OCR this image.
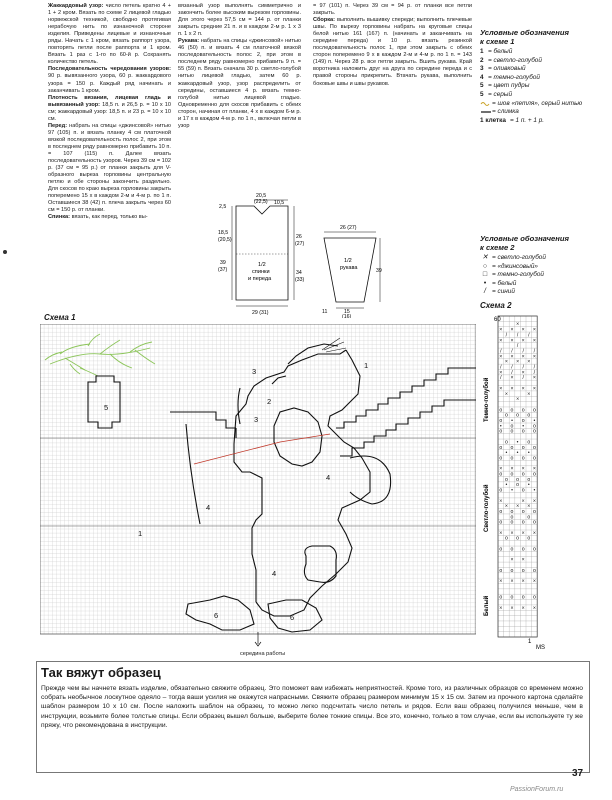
Жаккардовый узор: число петель кратно 4 + 1 + 2 кром. Вязать по схеме 2 лицевой гладью норвежской техникой, свободно протягивая нерабочую нить по изнаночной стороне изделия. Приведены лицевые и изнаночные ряды. Начать с 1 кром, вязать раппорт узора, повторять петли после раппорта и 1 кром. Вязать 1 раз с 1-го по 60-й р. Сохранять количество петель.

Последовательность чередования узоров: 90 р. вывязанного узора, 60 р. жаккардового узора = 150 р. Каждый ряд начинать и заканчивать 1 кром.

Плотность вязания, лицевая гладь и вывязанный узор: 18,5 п. и 26,5 р. = 10 х 10 см; жаккардовый узор: 18,5 п. и 23 р. = 10 х 10 см.

Перед: набрать на спицы «джинсовой» нитью 97 (105) п. и вязать планку 4 см платочной вязкой последовательность полос 2, при этом в последнем ряду равномерно прибавить 10 п. = 107 (115) п. Далее вязать последовательность узоров. Через 39 см = 102 р. (37 см = 95 р.) от планки закрыть для V-образного выреза горловины центральную петлю и обе стороны закончить раздельно. Для скосов по краю выреза горловины закрыть поперемено 15 х в каждом 2-м и 4-м р. по 1 п. Оставшиеся 38 (42) п. плеча закрыть через 60 см = 150 р. от планки.

Спинка: вязать, как перед, только вы-

вязанный узор выполнять симметрично и закончить более высоким вырезом горловины. Для этого через 57,5 см = 144 р. от планки закрыть средние 21 п. и в каждом 2-м р. 1 х 3 п. 1 х 2 п.

Рукава: набрать на спицы «джинсовой» нитью 46 (50) п. и вязать 4 см платочной вязкой последовательность полос 2, при этом в последнем ряду равномерно прибавить 9 п. = 55 (59) п. Вязать сначала 30 р. светло-голубой нитью лицевой гладью, затем 60 р. жаккардовый узор, узор распределить от середины, оставшиеся 4 р. вязать темно-голубой нитью лицевой гладью. Одновременно для скосов прибавить с обеих сторон, начиная от планки, 4 х в каждом 6-м р. и 17 х в каждом 4-м р. по 1 п., включая петли в узор

= 97 (101) п. Через 39 см = 94 р. от планки все петли закрыть.

Сборка: выполнить вышивку спереди; выполнить плечевые швы. По вырезу горловины набрать на круговые спицы белой нитью 161 (167) п. (начинать и заканчивать на середине переда) и 10 р. вязать резинкой последовательность полос 1, при этом закрыть с обеих сторон поперемено 9 х в каждом 2-м и 4-м р. по 1 п. = 143 (149) п. Через 28 р. все петли закрыть. Вшить рукава. Край воротника наложить друг на друга по середине переда и с правой стороны прикрепить. Втачать рукава, выполнить боковые швы и швы рукавов.

Условные обозначения
к схеме 1
1 = белый
2 = светло-голубой
3 = оливковый
4 = темно-голубой
5 = цвет пудры
5 = серый
= шов «петля», серый нитью
= слимка
1 клетка = 1 п. + 1 р.
Условные обозначения
к схеме 2
✕ = светло-голубой
○ = «джинсовый»
□ = темно-голубой
• = белый
/ = синий
20,5
(22,5) 10,5
2,5
18,5
(20,5)
39
(37)
26
(27)
34
(33)
1/2
спинки
и переда
29 (31)
26 (27)
39
1/2
рукава
11	15
(16)
Схема 1
1
2
3
3
4
4
5
6	6
1
4
середина работы
Схема 2
×
× × × ×
/ / /
× × × ×
/
/ / / /
× × × ×
× × ×
/ / / /
× / × /
/ × / ×
× × × ×
×	×
×
o o o o
o o o
o • o •
• o • o
o o o o
o • o
o o o o
• • •
o o o o
× × × ×
o o o o
o o o
• o •
o • o •
×	× ×
× × ×
o o o o
o	o
o o o o
× × × ×
o o o
o o o o
× ×
o o o o
× × × ×
o o o o
× × × ×
60
1
MS
Темно-голубой
Светло-голубой
Белый
Так вяжут образец
Прежде чем вы начнете вязать изделие, обязательно свяжите образец. Это поможет вам избежать неприятностей. Кроме того, из различных образцов со временем можно собрать необычное лоскутное одеяло – тогда ваши усилия не окажутся напрасными. Свяжите образец размером минимум 15 х 15 см. Затем из прочного картона сделайте шаблон размером 10 х 10 см. После наложить шаблон на образец, то можно легко подсчитать число петель и рядов. Если ваш образец получился меньше, чем в инструкции, возьмите более толстые спицы. Если образец вышел больше, выберите более тонкие спицы. Все это, конечно, только в том случае, если вы используете ту же пряжу, что рекомендована в инструкции.
37
PassionForum.ru
